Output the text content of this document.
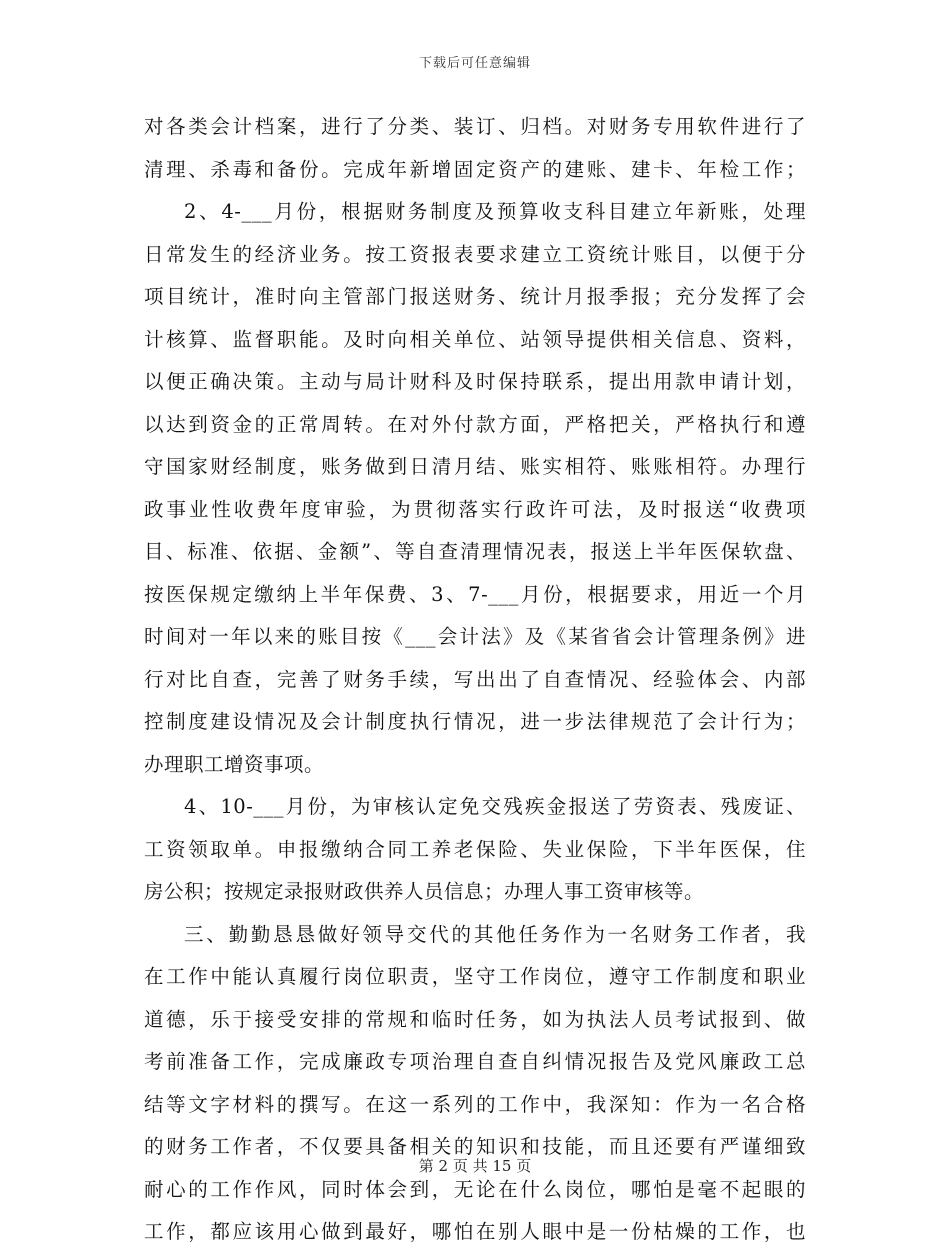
下载后可任意编辑
对各类会计档案，进行了分类、装订、归档。对财务专用软件进行了
清理、杀毒和备份。完成年新增固定资产的建账、建卡、年检工作；
2、4-___月份，根据财务制度及预算收支科目建立年新账，处理
日常发生的经济业务。按工资报表要求建立工资统计账目，以便于分
项目统计，准时向主管部门报送财务、统计月报季报；充分发挥了会
计核算、监督职能。及时向相关单位、站领导提供相关信息、资料，
以便正确决策。主动与局计财科及时保持联系，提出用款申请计划，
以达到资金的正常周转。在对外付款方面，严格把关，严格执行和遵
守国家财经制度，账务做到日清月结、账实相符、账账相符。办理行
政事业性收费年度审验，为贯彻落实行政许可法，及时报送“收费项
目、标准、依据、金额”、等自查清理情况表，报送上半年医保软盘、
按医保规定缴纳上半年保费、3、7-___月份，根据要求，用近一个月
时间对一年以来的账目按《___会计法》及《某省省会计管理条例》进
行对比自查，完善了财务手续，写出出了自查情况、经验体会、内部
控制度建设情况及会计制度执行情况，进一步法律规范了会计行为；
办理职工增资事项。
4、10-___月份，为审核认定免交残疾金报送了劳资表、残废证、
工资领取单。申报缴纳合同工养老保险、失业保险，下半年医保，住
房公积；按规定录报财政供养人员信息；办理人事工资审核等。
三、勤勤恳恳做好领导交代的其他任务作为一名财务工作者，我
在工作中能认真履行岗位职责，坚守工作岗位，遵守工作制度和职业
道德，乐于接受安排的常规和临时任务，如为执法人员考试报到、做
考前准备工作，完成廉政专项治理自查自纠情况报告及党风廉政工总
结等文字材料的撰写。在这一系列的工作中，我深知：作为一名合格
的财务工作者，不仅要具备相关的知识和技能，而且还要有严谨细致
耐心的工作作风，同时体会到，无论在什么岗位，哪怕是毫不起眼的
工作，都应该用心做到最好，哪怕在别人眼中是一份枯燥的工作，也
第 2 页 共 15 页
